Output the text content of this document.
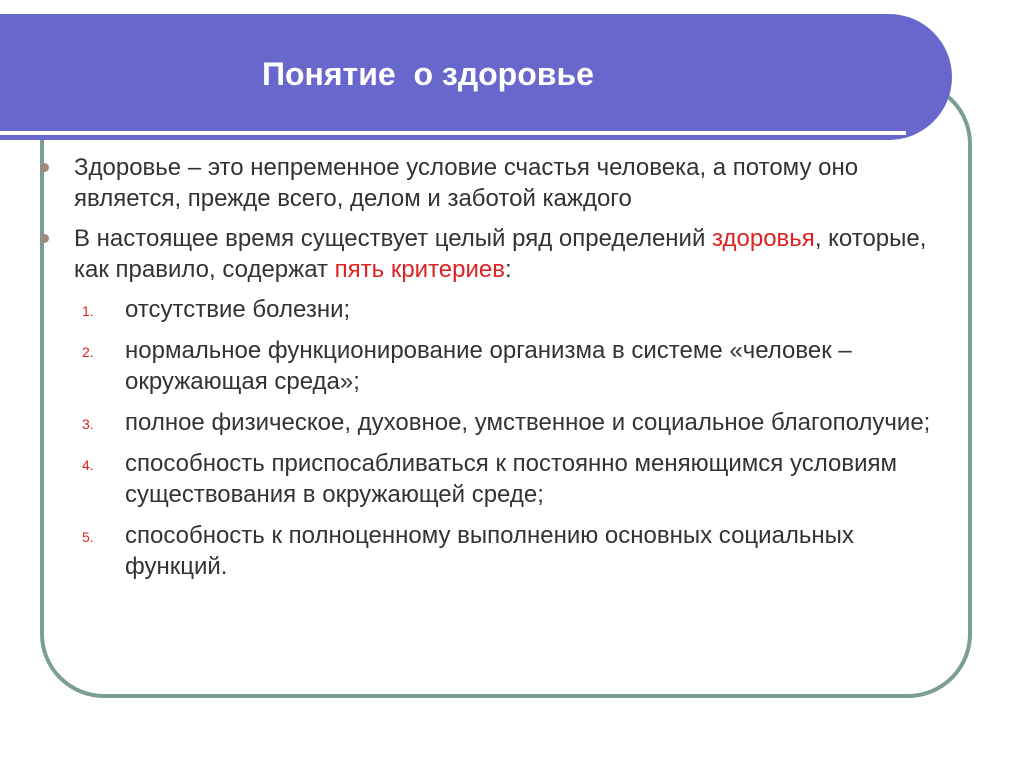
Понятие  о здоровье
Здоровье – это непременное условие счастья человека, а потому оно является, прежде всего, делом и заботой каждого
В настоящее время существует целый ряд определений здоровья, которые, как правило, содержат пять критериев:
1. отсутствие болезни;
2. нормальное функционирование организма в системе «человек – окружающая среда»;
3. полное физическое, духовное, умственное и социальное благополучие;
4. способность приспосабливаться к постоянно меняющимся условиям существования в окружающей среде;
5. способность к полноценному выполнению основных социальных функций.
